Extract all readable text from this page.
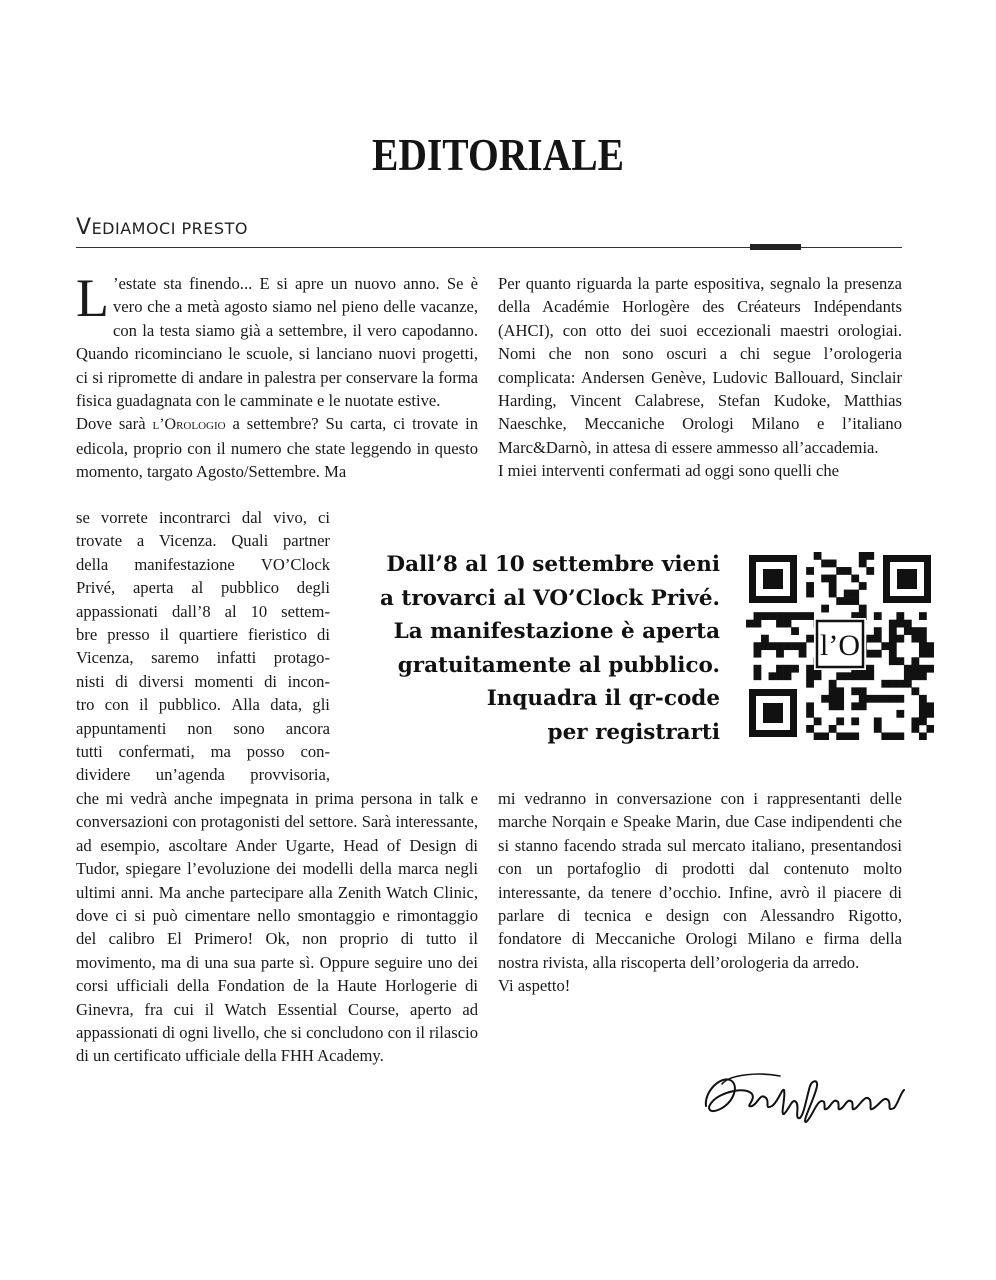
EDITORIALE
VEDIAMOCI PRESTO

L ’estate sta finendo... E si apre un nuovo anno. Se è vero che a metà agosto siamo nel pieno delle vacanze, con la testa siamo già a settembre, il vero capodanno. Quando ricominciano le scuole, si lanciano nuovi progetti, ci si ripromette di andare in palestra per conservare la forma fisica guadagnata con le camminate e le nuotate estive.

Dove sarà l’Orologio a settembre? Su carta, ci trovate in edicola, proprio con il numero che state leggendo in questo momento, targato Agosto/Settembre. Ma

se vorrete incontrarci dal vivo, ci
trovate a Vicenza. Quali partner
della manifestazione VO’Clock
Privé, aperta al pubblico degli
appassionati dall’8 al 10 settem-
bre presso il quartiere fieristico di
Vicenza, saremo infatti protago-
nisti di diversi momenti di incon-
tro con il pubblico. Alla data, gli
appuntamenti non sono ancora
tutti confermati, ma posso con-
dividere un’agenda provvisoria,

che mi vedrà anche impegnata in prima persona in talk e conversazioni con protagonisti del settore. Sarà interessante, ad esempio, ascoltare Ander Ugarte, Head of Design di Tudor, spiegare l’evoluzione dei modelli della marca negli ultimi anni. Ma anche partecipare alla Zenith Watch Clinic, dove ci si può cimentare nello smontaggio e rimontaggio del calibro El Primero! Ok, non proprio di tutto il movimento, ma di una sua parte sì. Oppure seguire uno dei corsi ufficiali della Fondation de la Haute Horlogerie di Ginevra, fra cui il Watch Essential Course, aperto ad appassionati di ogni livello, che si concludono con il rilascio di un certificato ufficiale della FHH Academy.

Per quanto riguarda la parte espositiva, segnalo la presenza della Académie Horlogère des Créateurs Indépendants (AHCI), con otto dei suoi eccezionali maestri orologiai. Nomi che non sono oscuri a chi segue l’orologeria complicata: Andersen Genève, Ludovic Ballouard, Sinclair Harding, Vincent Calabrese, Stefan Kudoke, Matthias Naeschke, Meccaniche Orologi Milano e l’italiano Marc&Darnò, in attesa di essere ammesso all’accademia.

I miei interventi confermati ad oggi sono quelli che

mi vedranno in conversazione con i rappresentanti delle marche Norqain e Speake Marin, due Case indipendenti che si stanno facendo strada sul mercato italiano, presentandosi con un portafoglio di prodotti dal contenuto molto interessante, da tenere d’occhio. Infine, avrò il piacere di parlare di tecnica e design con Alessandro Rigotto, fondatore di Meccaniche Orologi Milano e firma della nostra rivista, alla riscoperta dell’orologeria da arredo.

Vi aspetto!

Dall’8 al 10 settembre vieni
a trovarci al VO’Clock Privé.
La manifestazione è aperta
gratuitamente al pubblico.
Inquadra il qr-code
per registrarti
l’O
